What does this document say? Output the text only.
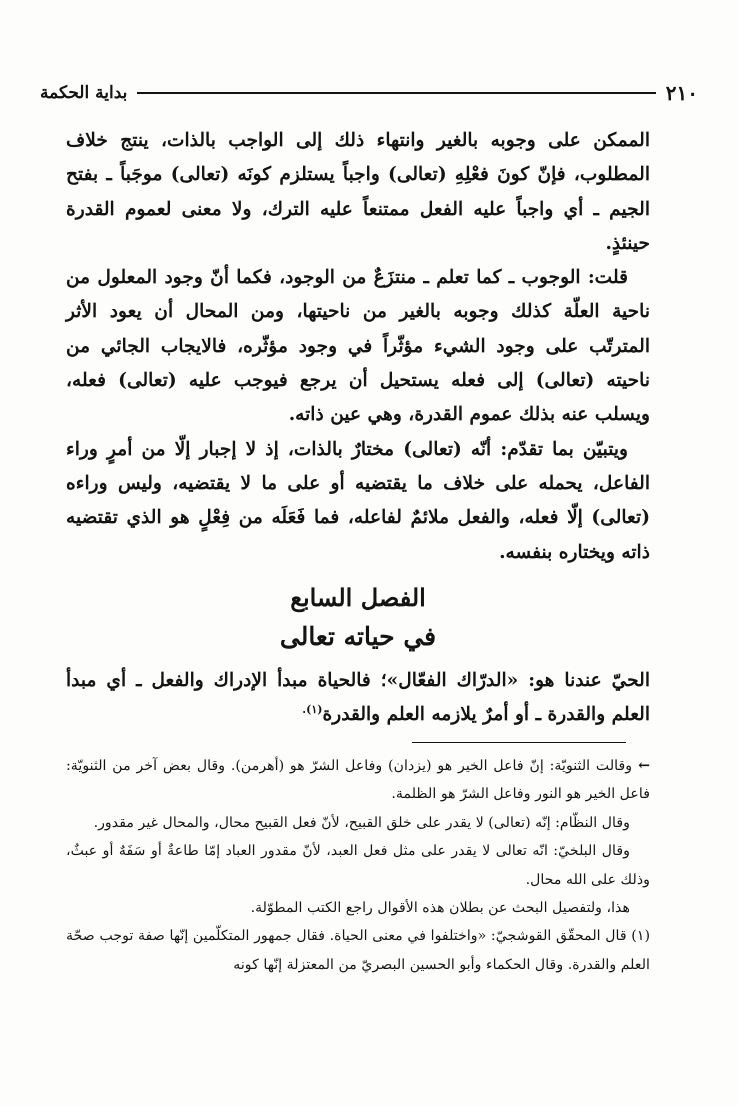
٢١٠
بداية الحكمة

الممكن على وجوبه بالغير وانتهاء ذلك إلى الواجب بالذات، ينتج خلاف المطلوب، فإنّ كونَ فعْلِهِ (تعالى) واجباً يستلزم كونَه (تعالى) موجَباً ـ بفتح الجيم ـ أي واجباً عليه الفعل ممتنعاً عليه الترك، ولا معنى لعموم القدرة حينئذٍ.

قلت: الوجوب ـ كما تعلم ـ منتزَعٌ من الوجود، فكما أنّ وجود المعلول من ناحية العلّة كذلك وجوبه بالغير من ناحيتها، ومن المحال أن يعود الأثر المترتّب على وجود الشيء مؤثّراً في وجود مؤثّره، فالايجاب الجائي من ناحيته (تعالى) إلى فعله يستحيل أن يرجع فيوجب عليه (تعالى) فعله، ويسلب عنه بذلك عموم القدرة، وهي عين ذاته.

ويتبيّن بما تقدّم: أنّه (تعالى) مختارٌ بالذات، إذ لا إجبار إلّا من أمرٍ وراء الفاعل، يحمله على خلاف ما يقتضيه أو على ما لا يقتضيه، وليس وراءه (تعالى) إلّا فعله، والفعل ملائمٌ لفاعله، فما فَعَلَه من فِعْلٍ هو الذي تقتضيه ذاته ويختاره بنفسه.

الفصل السابع
في حياته تعالى

الحيّ عندنا هو: «الدرّاك الفعّال»؛ فالحياة مبدأ الإدراك والفعل ـ أي مبدأ العلم والقدرة ـ أو أمرٌ يلازمه العلم والقدرة$^{(١).}$

←وقالت الثنويّة: إنّ فاعل الخير هو (يزدان) وفاعل الشرّ هو (أهرمن). وقال بعض آخر من الثنويّة: فاعل الخير هو النور وفاعل الشرّ هو الظلمة.

وقال النظّام: إنّه (تعالى) لا يقدر على خلق القبيح، لأنّ فعل القبيح محال، والمحال غير مقدور.

وقال البلخيّ: انّه تعالى لا يقدر على مثل فعل العبد، لأنّ مقدور العباد إمّا طاعةٌ أو سَفَهٌ أو عبثٌ، وذلك على الله محال.

هذا، ولتفصيل البحث عن بطلان هذه الأقوال راجع الكتب المطوّلة.

(١) قال المحقّق القوشجيّ: «واختلفوا في معنى الحياة. فقال جمهور المتكلّمين إنّها صفة توجب صحّة العلم والقدرة. وقال الحكماء وأبو الحسين البصريّ من المعتزلة إنّها كونه
